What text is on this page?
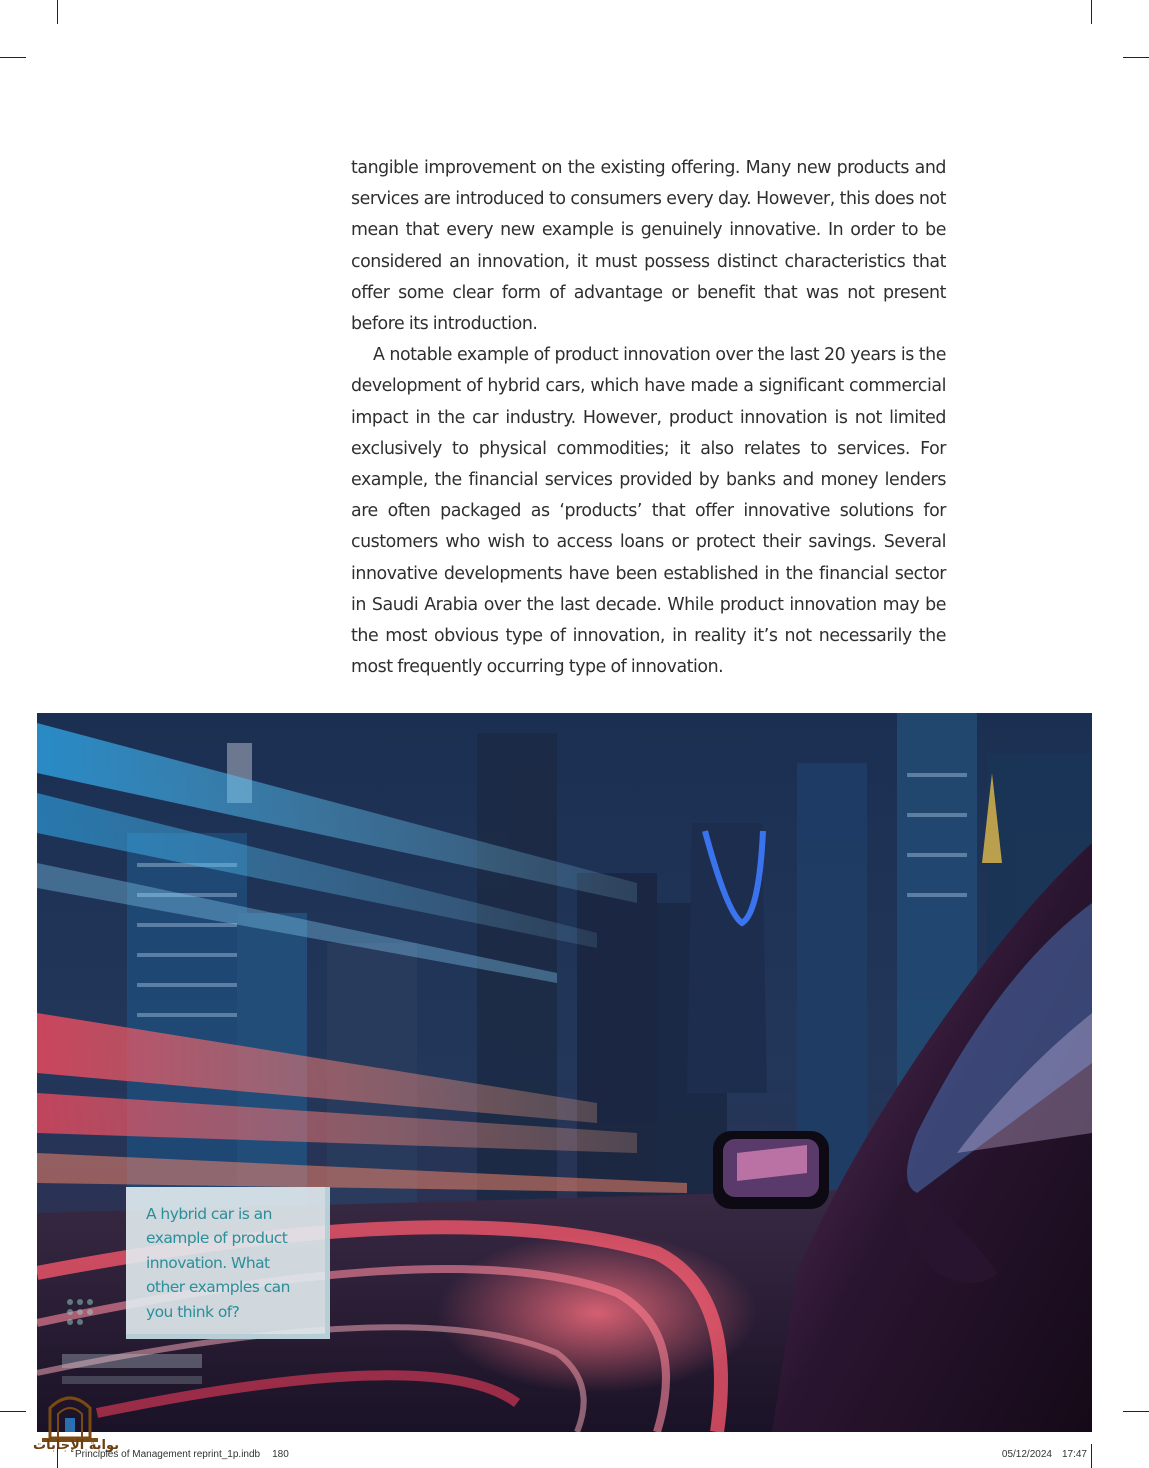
tangible improvement on the existing offering. Many new products and services are introduced to consumers every day. However, this does not mean that every new example is genuinely innovative. In order to be considered an innovation, it must possess distinct characteristics that offer some clear form of advantage or benefit that was not present before its introduction.

A notable example of product innovation over the last 20 years is the development of hybrid cars, which have made a significant commercial impact in the car industry. However, product innovation is not limited exclusively to physical commodities; it also relates to services. For example, the financial services provided by banks and money lenders are often packaged as ‘products’ that offer innovative solutions for customers who wish to access loans or protect their savings. Several innovative developments have been established in the financial sector in Saudi Arabia over the last decade. While product innovation may be the most obvious type of innovation, in reality it’s not necessarily the most frequently occurring type of innovation.

A hybrid car is an example of product innovation. What other examples can you think of?

بوابة الإجابات
Principles of Management reprint_1p.indb 180	05/12/2024 17:47
